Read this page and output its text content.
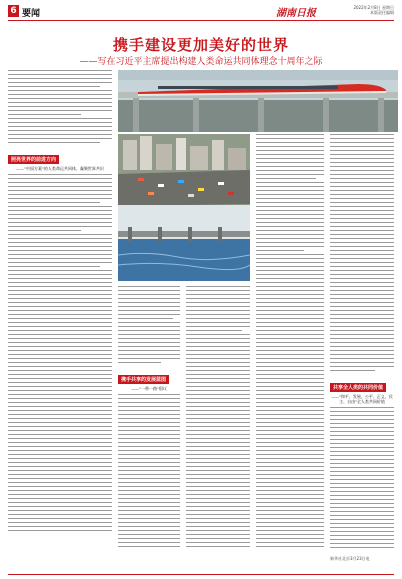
6 要闻	湖南日报
2022年2月8日 星期日
本版责任编辑
携手建设更加美好的世界
——写在习近平主席提出构建人类命运共同体理念十周年之际
照亮世界的前进方向
——"中国方案"的人类命运共同体，凝聚世界共识
携手共享的发展蓝图
——"一带一路"倡议	共享全人类的共同价值
——"和平、发展、公平、正义、民主、自由"全人类共同价值
新华社北京3月23日电
